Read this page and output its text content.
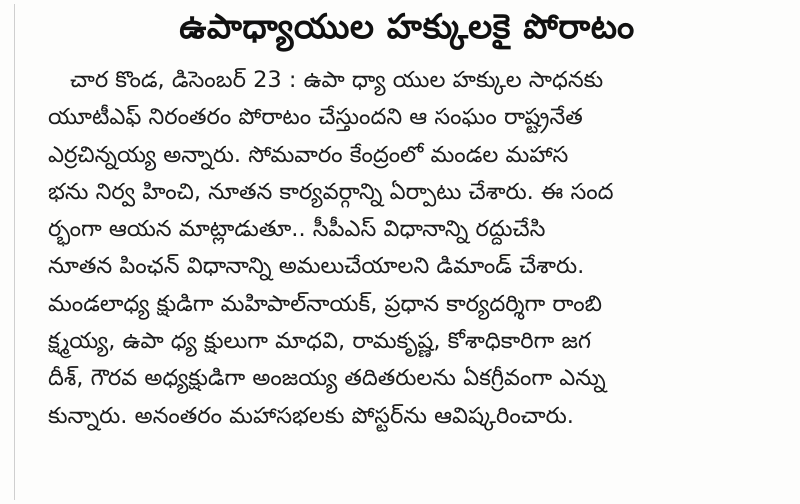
ఉపాధ్యాయుల హక్కులకై పోరాటం
చార కొండ, డిసెంబర్ 23 : ఉపా ధ్యా యుల హక్కుల సాధనకు
యూటీఎఫ్ నిరంతరం పోరాటం చేస్తుందని ఆ సంఘం రాష్ట్రనేత
ఎర్రచిన్నయ్య అన్నారు. సోమవారం కేంద్రంలో మండల మహాస
భను నిర్వ హించి, నూతన కార్యవర్గాన్ని ఏర్పాటు చేశారు. ఈ సంద
ర్భంగా ఆయన మాట్లాడుతూ.. సీపీఎస్ విధానాన్ని రద్దుచేసి
నూతన పింఛన్ విధానాన్ని అమలుచేయాలని డిమాండ్ చేశారు.
మండలాధ్య క్షుడిగా మహిపాల్‌నాయక్, ప్రధాన కార్యదర్శిగా రాంబి
క్ష్మయ్య, ఉపా ధ్య క్షులుగా మాధవి, రామకృష్ణ, కోశాధికారిగా జగ
దీశ్, గౌరవ అధ్యక్షుడిగా అంజయ్య తదితరులను ఏకగ్రీవంగా ఎన్ను
కున్నారు. అనంతరం మహాసభలకు పోస్టర్‌ను ఆవిష్కరించారు.
